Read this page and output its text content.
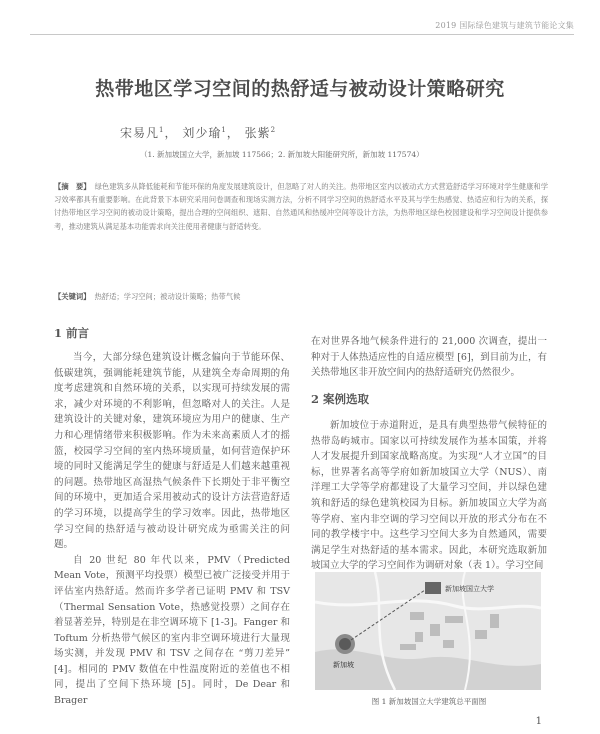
2019 国际绿色建筑与建筑节能论文集
热带地区学习空间的热舒适与被动设计策略研究
宋易凡$^1$， 刘少瑜$^1$， 张紫$^2$
（1. 新加坡国立大学，新加坡 117566；2. 新加坡大阳能研究所，新加坡 117574）
【摘　要】 绿色建筑多从降低能耗和节能环保的角度发展建筑设计，但忽略了对人的关注。热带地区室内以被动式方式营造舒适学习环境对学生健康和学习效率都具有重要影响。在此背景下本研究采用问卷调查和现场实测方法，分析不同学习空间的热舒适水平及其与学生热感觉、热适应和行为的关系，探讨热带地区学习空间的被动设计策略，提出合理的空间组织、遮阳、自然通风和热缓冲空间等设计方法，为热带地区绿色校园建设和学习空间设计提供参考，推动建筑从满足基本功能需求向关注使用者健康与舒适转变。
【关键词】 热舒适；学习空间；被动设计策略；热带气候
1 前言

当今，大部分绿色建筑设计概念偏向于节能环保、低碳建筑，强调能耗建筑节能，从建筑全寿命周期的角度考虑建筑和自然环境的关系，以实现可持续发展的需求，减少对环境的不利影响，但忽略对人的关注。人是建筑设计的关键对象，建筑环境应为用户的健康、生产力和心理情绪带来积极影响。作为未来高素质人才的摇篮，校园学习空间的室内热环境质量，如何营造保护环境的同时又能满足学生的健康与舒适是人们越来越重视的问题。热带地区高湿热气候条件下长期处于非平衡空间的环境中，更加适合采用被动式的设计方法营造舒适的学习环境，以提高学生的学习效率。因此，热带地区学习空间的热舒适与被动设计研究成为亟需关注的问题。

自 20 世纪 80 年代以来，PMV（Predicted Mean Vote，预测平均投票）模型已被广泛接受并用于评估室内热舒适。然而许多学者已证明 PMV 和 TSV（Thermal Sensation Vote，热感觉投票）之间存在着显著差异，特别是在非空调环境下 [1-3]。Fanger 和 Toftum 分析热带气候区的室内非空调环境进行大量现场实测，并发现 PMV 和 TSV 之间存在 “剪刀差异” [4]。相同的 PMV 数值在中性温度附近的差值也不相同，提出了空间下热环境 [5]。同时，De Dear 和 Brager

在对世界各地气候条件进行的 21,000 次调查，提出一种对于人体热适应性的自适应模型 [6]，到目前为止，有关热带地区非开放空间内的热舒适研究仍然很少。
2 案例选取

新加坡位于赤道附近，是具有典型热带气候特征的热带岛屿城市。国家以可持续发展作为基本国策，并将人才发展提升到国家战略高度。为实现“人才立国”的目标，世界著名高等学府如新加坡国立大学（NUS）、南洋理工大学等学府都建设了大量学习空间，并以绿色建筑和舒适的绿色建筑校园为目标。新加坡国立大学为高等学府、室内非空调的学习空间以开放的形式分布在不同的教学楼宇中。这些学习空间大多为自然通风，需要满足学生对热舒适的基本需求。因此，本研究选取新加坡国立大学的学习空间作为调研对象（表 1）。学习空间

新加坡国立大学
新加坡
图 1 新加坡国立大学建筑总平面图
1
